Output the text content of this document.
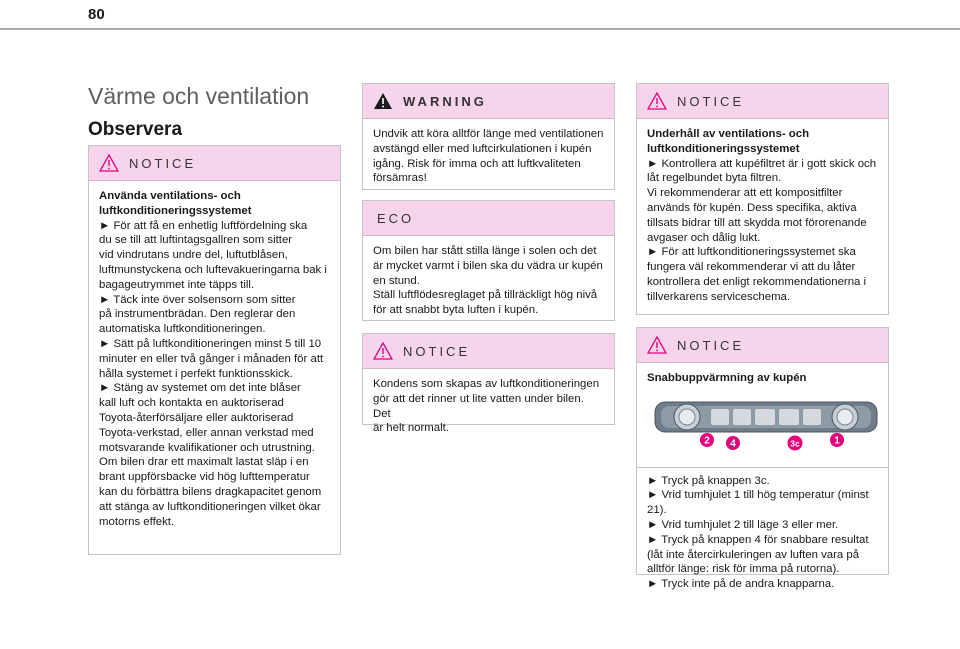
80
Värme och ventilation
Observera
NOTICE

Använda ventilations- och

luftkonditioneringssystemet

► För att få en enhetlig luftfördelning ska

du se till att luftintagsgallren som sitter

vid vindrutans undre del, luftutblåsen,

luftmunstyckena och luftevakueringarna bak i

bagageutrymmet inte täpps till.

► Täck inte över solsensorn som sitter

på instrumentbrädan. Den reglerar den

automatiska luftkonditioneringen.

► Sätt på luftkonditioneringen minst 5 till 10

minuter en eller två gånger i månaden för att

hålla systemet i perfekt funktionsskick.

► Stäng av systemet om det inte blåser

kall luft och kontakta en auktoriserad

Toyota-återförsäljare eller auktoriserad

Toyota-verkstad, eller annan verkstad med

motsvarande kvalifikationer och utrustning.

Om bilen drar ett maximalt lastat släp i en

brant uppförsbacke vid hög lufttemperatur

kan du förbättra bilens dragkapacitet genom

att stänga av luftkonditioneringen vilket ökar

motorns effekt.

WARNING

Undvik att köra alltför länge med ventilationen

avstängd eller med luftcirkulationen i kupén

igång. Risk för imma och att luftkvaliteten

försämras!

ECO

Om bilen har stått stilla länge i solen och det

är mycket varmt i bilen ska du vädra ur kupén

en stund.

Ställ luftflödesreglaget på tillräckligt hög nivå

för att snabbt byta luften i kupén.

NOTICE

Kondens som skapas av luftkonditioneringen

gör att det rinner ut lite vatten under bilen. Det

är helt normalt.

NOTICE

Underhåll av ventilations- och

luftkonditioneringssystemet

► Kontrollera att kupéfiltret är i gott skick och

låt regelbundet byta filtren.

Vi rekommenderar att ett kompositfilter

används för kupén. Dess specifika, aktiva

tillsats bidrar till att skydda mot förorenande

avgaser och dålig lukt.

► För att luftkonditioneringssystemet ska

fungera väl rekommenderar vi att du låter

kontrollera det enligt rekommendationerna i

tillverkarens serviceschema.

NOTICE

Snabbuppvärmning av kupén

2 4	3c	1

► Tryck på knappen 3c.

► Vrid tumhjulet 1 till hög temperatur (minst

21).

► Vrid tumhjulet 2 till läge 3 eller mer.

► Tryck på knappen 4 för snabbare resultat

(låt inte återcirkuleringen av luften vara på

alltför länge: risk för imma på rutorna).

► Tryck inte på de andra knapparna.
